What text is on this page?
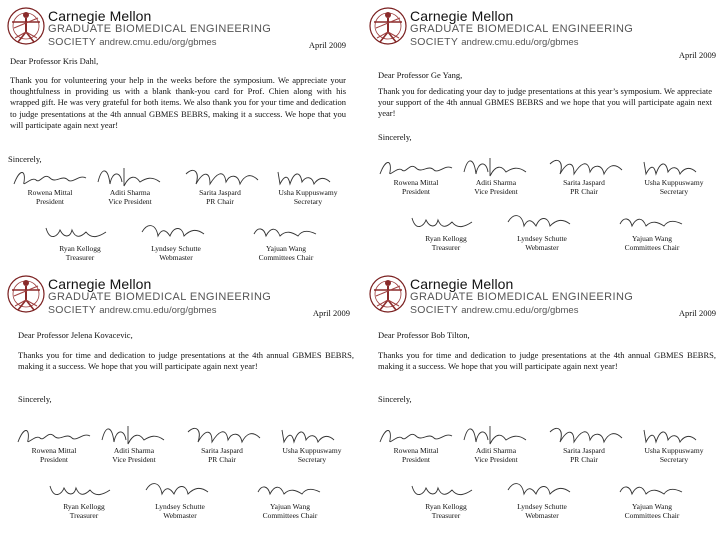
Carnegie Mellon
GRADUATE BIOMEDICAL ENGINEERING
SOCIETY andrew.cmu.edu/org/gbmes	April 2009
Dear Professor Kris Dahl,
Thank you for volunteering your help in the weeks before the symposium. We appreciate your thoughtfulness in providing us with a blank thank-you card for Prof. Chien along with his wrapped gift. He was very grateful for both items. We also thank you for your time and dedication to judge presentations at the 4th annual GBMES BEBRS, making it a success. We hope that you will participate again next year!
Sincerely,
Rowena Mittal
President
Aditi Sharma
Vice President
Sarita Jaspard
PR Chair
Usha Kuppuswamy
Secretary
Ryan Kellogg
Treasurer
Lyndsey Schutte
Webmaster
Yajuan Wang
Committees Chair
Carnegie Mellon
GRADUATE BIOMEDICAL ENGINEERING
SOCIETY andrew.cmu.edu/org/gbmes
April 2009
Dear Professor Ge Yang,
Thank you for dedicating your day to judge presentations at this year’s symposium. We appreciate your support of the 4th annual GBMES BEBRS and we hope that you will participate again next year!
Sincerely,
Rowena Mittal
President
Aditi Sharma
Vice President
Sarita Jaspard
PR Chair
Usha Kuppuswamy
Secretary
Ryan Kellogg
Treasurer
Lyndsey Schutte
Webmaster
Yajuan Wang
Committees Chair
Carnegie Mellon
GRADUATE BIOMEDICAL ENGINEERING
SOCIETY andrew.cmu.edu/org/gbmes	April 2009
Dear Professor Jelena Kovacevic,
Thanks you for time and dedication to judge presentations at the 4th annual GBMES BEBRS, making it a success. We hope that you will participate again next year!
Sincerely,
Rowena Mittal
President
Aditi Sharma
Vice President
Sarita Jaspard
PR Chair
Usha Kuppuswamy
Secretary
Ryan Kellogg
Treasurer
Lyndsey Schutte
Webmaster
Yajuan Wang
Committees Chair
Carnegie Mellon
GRADUATE BIOMEDICAL ENGINEERING
SOCIETY andrew.cmu.edu/org/gbmes	April 2009
Dear Professor Bob Tilton,
Thanks you for time and dedication to judge presentations at the 4th annual GBMES BEBRS, making it a success. We hope that you will participate again next year!
Sincerely,
Rowena Mittal
President
Aditi Sharma
Vice President
Sarita Jaspard
PR Chair
Usha Kuppuswamy
Secretary
Ryan Kellogg
Treasurer
Lyndsey Schutte
Webmaster
Yajuan Wang
Committees Chair
